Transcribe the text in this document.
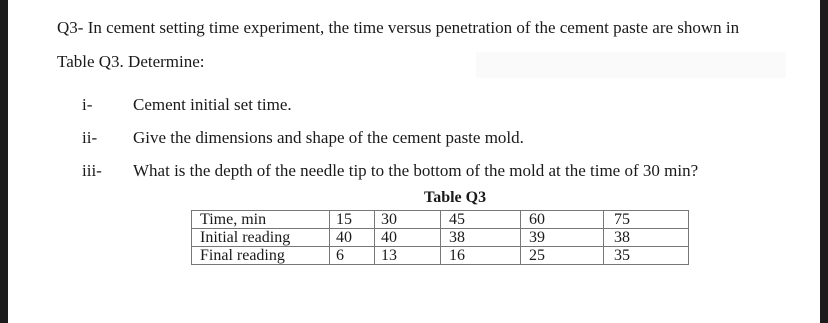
Q3- In cement setting time experiment, the time versus penetration of the cement paste are shown in
Table Q3. Determine:
i- Cement initial set time.
ii- Give the dimensions and shape of the cement paste mold.
iii- What is the depth of the needle tip to the bottom of the mold at the time of 30 min?
Table Q3
Time, min	15	30	45	60	75
Initial reading	40	40	38	39	38
Final reading	6	13	16	25	35
